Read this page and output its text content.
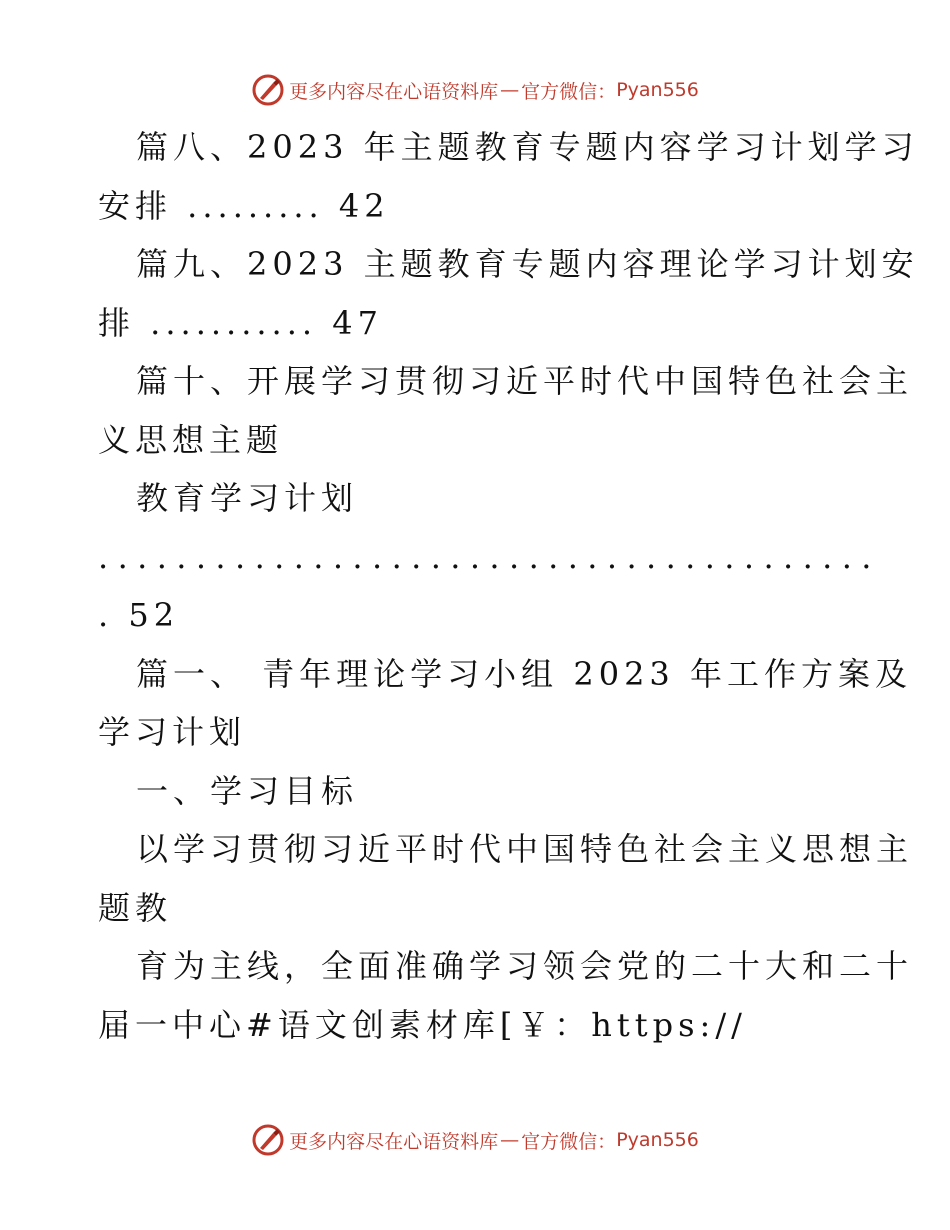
更多内容尽在心语资料库 — 官方微信： Pyan556
篇八、2023 年主题教育专题内容学习计划学习
安排 ......... 42
篇九、2023 主题教育专题内容理论学习计划安
排 ........... 47
篇十、开展学习贯彻习近平时代中国特色社会主
义思想主题
教育学习计划
........................................
. 52
篇一、 青年理论学习小组 2023 年工作方案及
学习计划
一、学习目标
以学习贯彻习近平时代中国特色社会主义思想主
题教
育为主线，全面准确学习领会党的二十大和二十
届一中心#语文创素材库[￥：https://
更多内容尽在心语资料库 — 官方微信： Pyan556
